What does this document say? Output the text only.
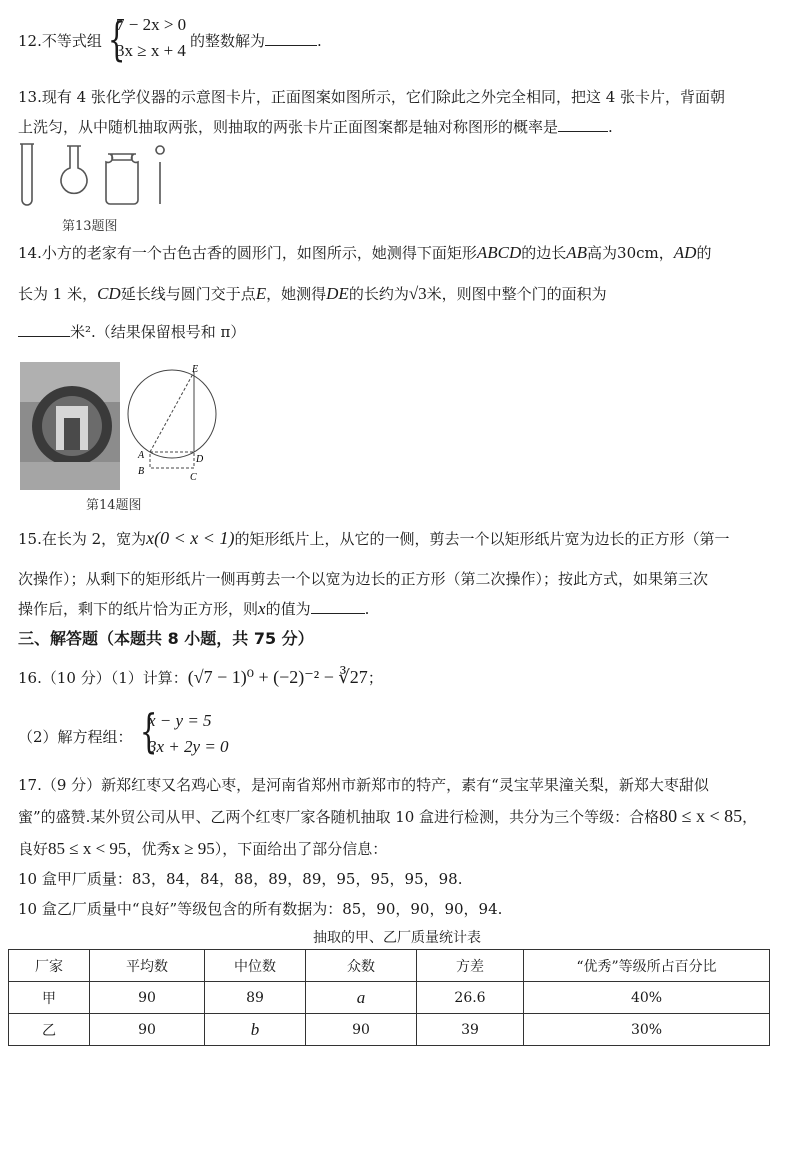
12.不等式组 {
7 − 2x > 0
3x ≥ x + 4 的整数解为	.
13.现有 4 张化学仪器的示意图卡片，正面图案如图所示，它们除此之外完全相同，把这 4 张卡片，背面朝
上洗匀，从中随机抽取两张，则抽取的两张卡片正面图案都是轴对称图形的概率是	.
第13题图
14.小方的老家有一个古色古香的圆形门，如图所示，她测得下面矩形ABCD的边长AB高为30cm，AD的
长为 1 米，CD延长线与圆门交于点E，她测得DE的长约为√3米，则图中整个门的面积为
米².（结果保留根号和 π）
E
A
B
D
C
第14题图
15.在长为 2，宽为x(0 < x < 1)的矩形纸片上，从它的一侧，剪去一个以矩形纸片宽为边长的正方形（第一
次操作）；从剩下的矩形纸片一侧再剪去一个以宽为边长的正方形（第二次操作）；按此方式，如果第三次
操作后，剩下的纸片恰为正方形，则x的值为	.
三、解答题（本题共 8 小题，共 75 分）
16.（10 分）（1）计算：(√7 − 1)⁰ + (−2)⁻² − ∛27；
（2）解方程组： {
x − y = 5
3x + 2y = 0
17.（9 分）新郑红枣又名鸡心枣，是河南省郑州市新郑市的特产，素有“灵宝苹果潼关梨，新郑大枣甜似
蜜”的盛赞.某外贸公司从甲、乙两个红枣厂家各随机抽取 10 盒进行检测，共分为三个等级：合格80 ≤ x < 85，
良好85 ≤ x < 95，优秀x ≥ 95），下面给出了部分信息：
10 盒甲厂质量：83，84，84，88，89，89，95，95，95，98.
10 盒乙厂质量中“良好”等级包含的所有数据为：85，90，90，90，94.
抽取的甲、乙厂质量统计表
厂家	平均数	中位数	众数	方差	“优秀”等级所占百分比
甲	90	89	a	26.6	40%
乙	90	b	90	39	30%
